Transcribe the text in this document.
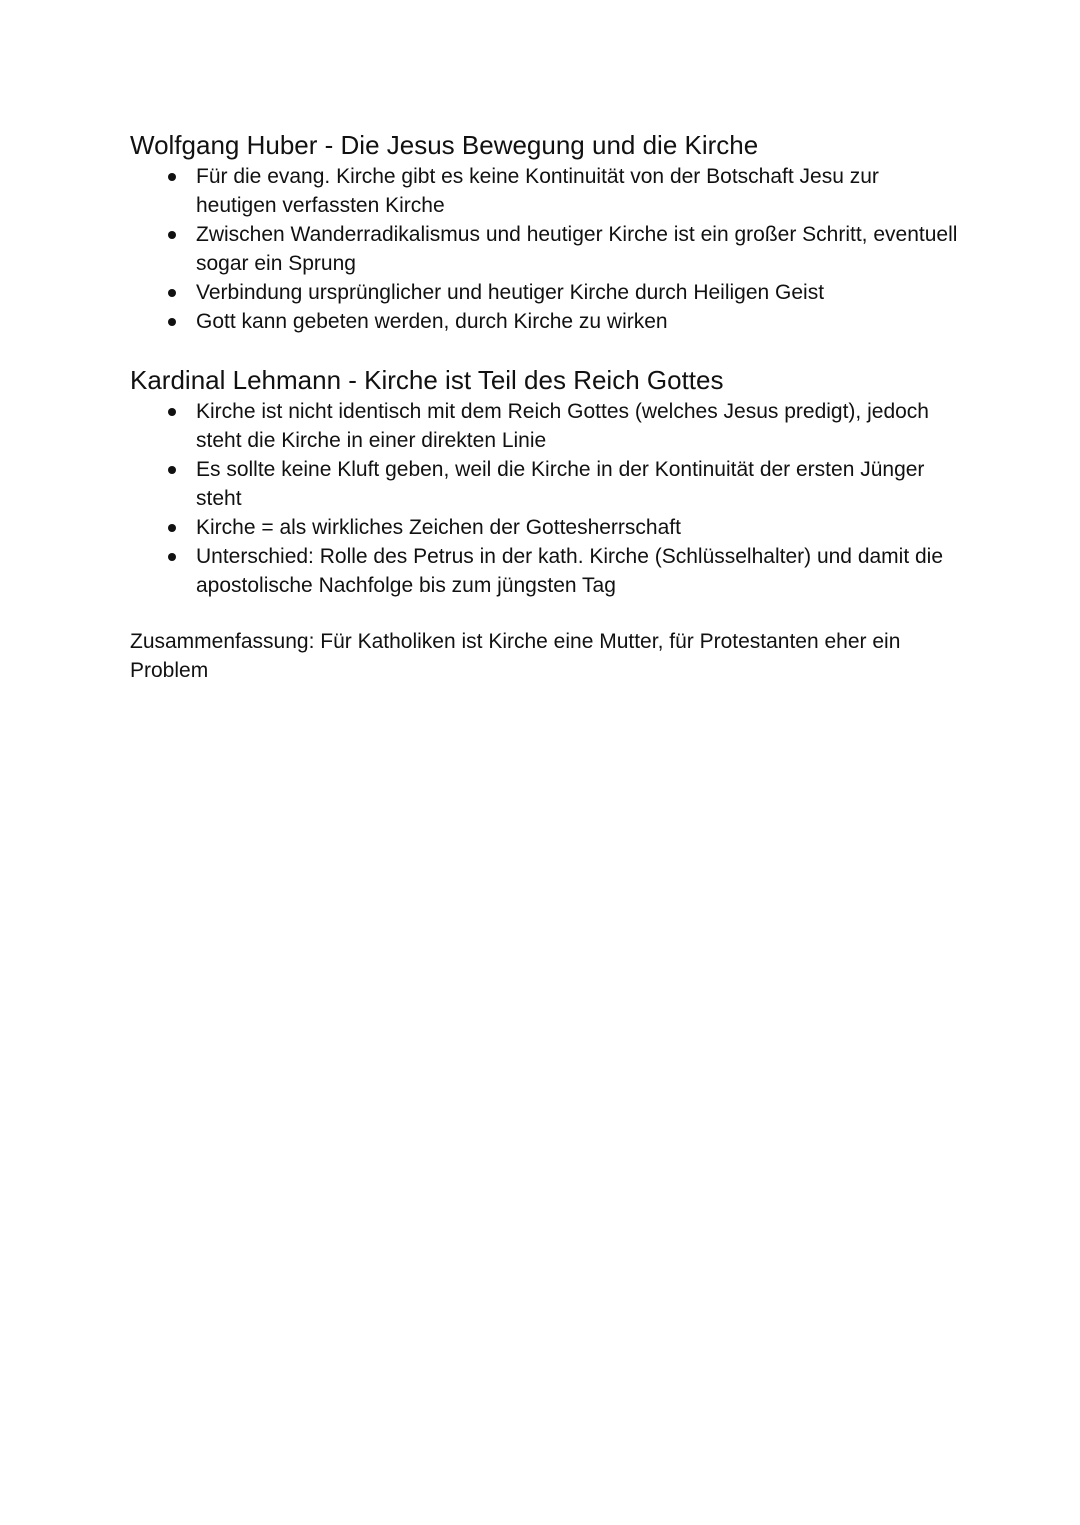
Wolfgang Huber - Die Jesus Bewegung und die Kirche
Für die evang. Kirche gibt es keine Kontinuität von der Botschaft Jesu zur heutigen verfassten Kirche
Zwischen Wanderradikalismus und heutiger Kirche ist ein großer Schritt, eventuell sogar ein Sprung
Verbindung ursprünglicher und heutiger Kirche durch Heiligen Geist
Gott kann gebeten werden, durch Kirche zu wirken
Kardinal Lehmann - Kirche ist Teil des Reich Gottes
Kirche ist nicht identisch mit dem Reich Gottes (welches Jesus predigt), jedoch steht die Kirche in einer direkten Linie
Es sollte keine Kluft geben, weil die Kirche in der Kontinuität der ersten Jünger steht
Kirche = als wirkliches Zeichen der Gottesherrschaft
Unterschied: Rolle des Petrus in der kath. Kirche (Schlüsselhalter) und damit die apostolische Nachfolge bis zum jüngsten Tag

Zusammenfassung: Für Katholiken ist Kirche eine Mutter, für Protestanten eher ein Problem
